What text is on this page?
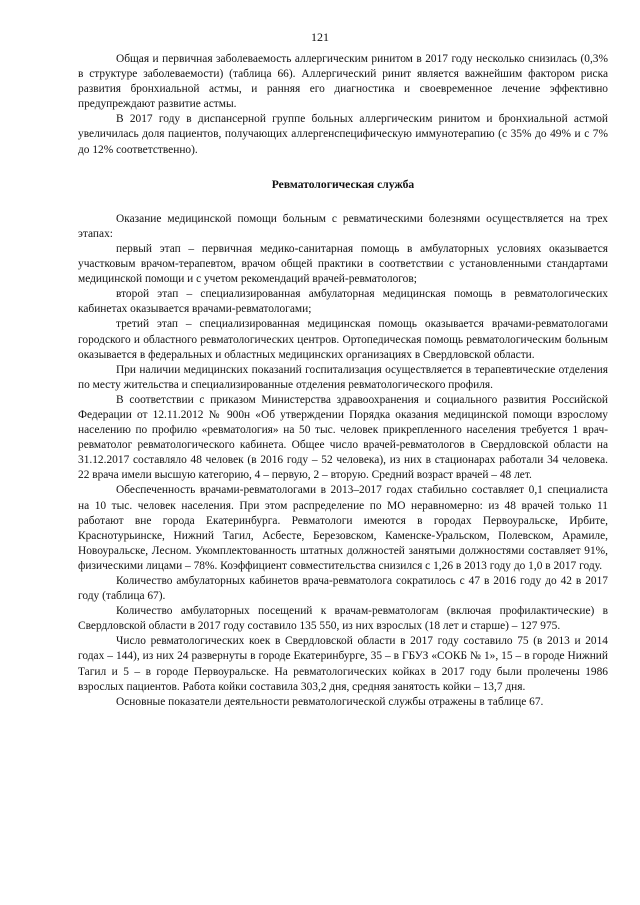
121

Общая и первичная заболеваемость аллергическим ринитом в 2017 году несколько снизилась (0,3% в структуре заболеваемости) (таблица 66). Аллергический ринит является важнейшим фактором риска развития бронхиальной астмы, и ранняя его диагностика и своевременное лечение эффективно предупреждают развитие астмы.

В 2017 году в диспансерной группе больных аллергическим ринитом и бронхиальной астмой увеличилась доля пациентов, получающих аллергенспецифическую иммунотерапию (с 35% до 49% и с 7% до 12% соответственно).

Ревматологическая служба

Оказание медицинской помощи больным с ревматическими болезнями осуществляется на трех этапах:

первый этап – первичная медико-санитарная помощь в амбулаторных условиях оказывается участковым врачом-терапевтом, врачом общей практики в соответствии с установленными стандартами медицинской помощи и с учетом рекомендаций врачей-ревматологов;

второй этап – специализированная амбулаторная медицинская помощь в ревматологических кабинетах оказывается врачами-ревматологами;

третий этап – специализированная медицинская помощь оказывается врачами-ревматологами городского и областного ревматологических центров. Ортопедическая помощь ревматологическим больным оказывается в федеральных и областных медицинских организациях в Свердловской области.

При наличии медицинских показаний госпитализация осуществляется в терапевтические отделения по месту жительства и специализированные отделения ревматологического профиля.

В соответствии с приказом Министерства здравоохранения и социального развития Российской Федерации от 12.11.2012 № 900н «Об утверждении Порядка оказания медицинской помощи взрослому населению по профилю «ревматология» на 50 тыс. человек прикрепленного населения требуется 1 врач-ревматолог ревматологического кабинета. Общее число врачей-ревматологов в Свердловской области на 31.12.2017 составляло 48 человек (в 2016 году – 52 человека), из них в стационарах работали 34 человека. 22 врача имели высшую категорию, 4 – первую, 2 – вторую. Средний возраст врачей – 48 лет.

Обеспеченность врачами-ревматологами в 2013–2017 годах стабильно составляет 0,1 специалиста на 10 тыс. человек населения. При этом распределение по МО неравномерно: из 48 врачей только 11 работают вне города Екатеринбурга. Ревматологи имеются в городах Первоуральске, Ирбите, Краснотурьинске, Нижний Тагил, Асбесте, Березовском, Каменске-Уральском, Полевском, Арамиле, Новоуральске, Лесном. Укомплектованность штатных должностей занятыми должностями составляет 91%, физическими лицами – 78%. Коэффициент совместительства снизился с 1,26 в 2013 году до 1,0 в 2017 году.

Количество амбулаторных кабинетов врача-ревматолога сократилось с 47 в 2016 году до 42 в 2017 году (таблица 67).

Количество амбулаторных посещений к врачам-ревматологам (включая профилактические) в Свердловской области в 2017 году составило 135 550, из них взрослых (18 лет и старше) – 127 975.

Число ревматологических коек в Свердловской области в 2017 году составило 75 (в 2013 и 2014 годах – 144), из них 24 развернуты в городе Екатеринбурге, 35 – в ГБУЗ «СОКБ № 1», 15 – в городе Нижний Тагил и 5 – в городе Первоуральске. На ревматологических койках в 2017 году были пролечены 1986 взрослых пациентов. Работа койки составила 303,2 дня, средняя занятость койки – 13,7 дня.

Основные показатели деятельности ревматологической службы отражены в таблице 67.
